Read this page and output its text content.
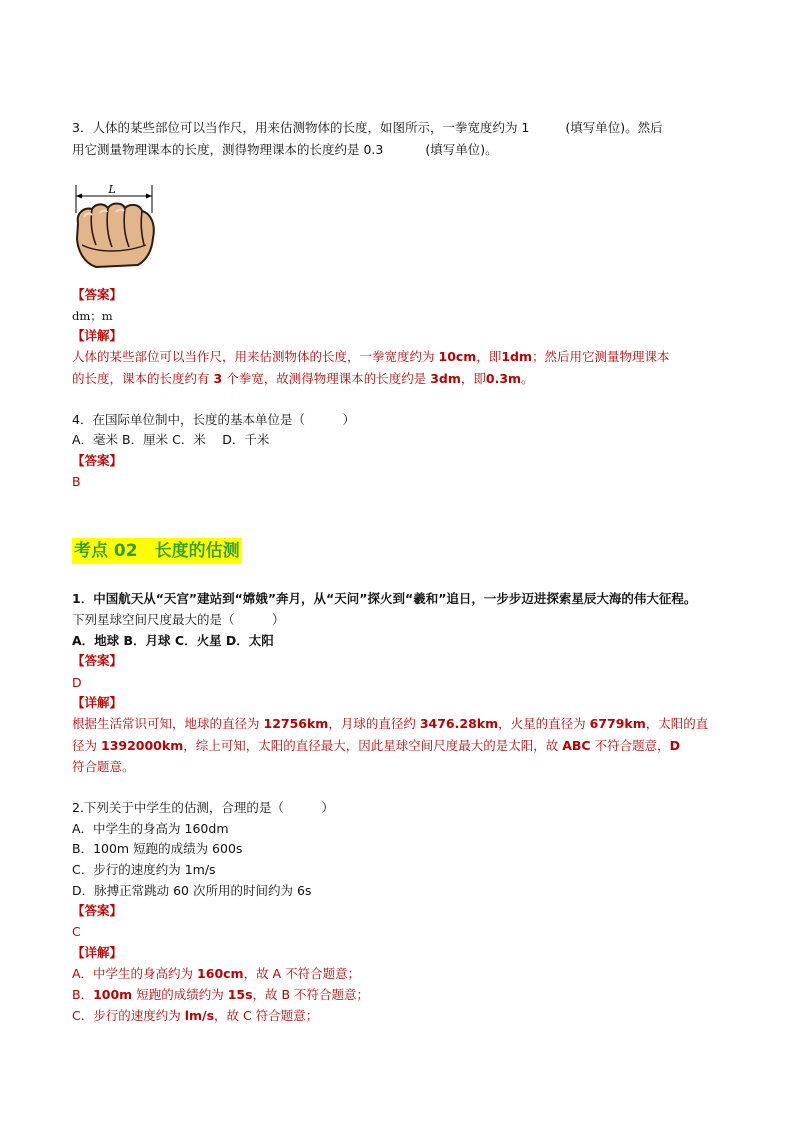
3．人体的某些部位可以当作尺，用来估测物体的长度，如图所示，一拳宽度约为 1	(填写单位)。然后
用它测量物理课本的长度，测得物理课本的长度约是 0.3	(填写单位)。
L
【答案】
dm；m
【详解】
人体的某些部位可以当作尺，用来估测物体的长度，一拳宽度约为 10cm，即1dm；然后用它测量物理课本
的长度，课本的长度约有 3 个拳宽，故测得物理课本的长度约是 3dm，即0.3m。
4．在国际单位制中，长度的基本单位是（　　　）
A．毫米 B．厘米 C．米　 D．千米
【答案】
B
考点 02　长度的估测
1．中国航天从“天宫”建站到“嫦娥”奔月，从“天问”探火到“羲和”追日，一步步迈进探索星辰大海的伟大征程。
下列星球空间尺度最大的是（　　　）
A．地球 B．月球 C．火星 D．太阳
【答案】
D
【详解】
根据生活常识可知，地球的直径为 12756km，月球的直径约 3476.28km，火星的直径为 6779km，太阳的直
径为 1392000km，综上可知，太阳的直径最大，因此星球空间尺度最大的是太阳，故 ABC 不符合题意，D
符合题意。
2.下列关于中学生的估测，合理的是（　　　）
A．中学生的身高为 160dm
B．100m 短跑的成绩为 600s
C．步行的速度约为 1m/s
D．脉搏正常跳动 60 次所用的时间约为 6s
【答案】
C
【详解】
A．中学生的身高约为 160cm，故 A 不符合题意；
B．100m 短跑的成绩约为 15s，故 B 不符合题意；
C．步行的速度约为 lm/s，故 C 符合题意；
